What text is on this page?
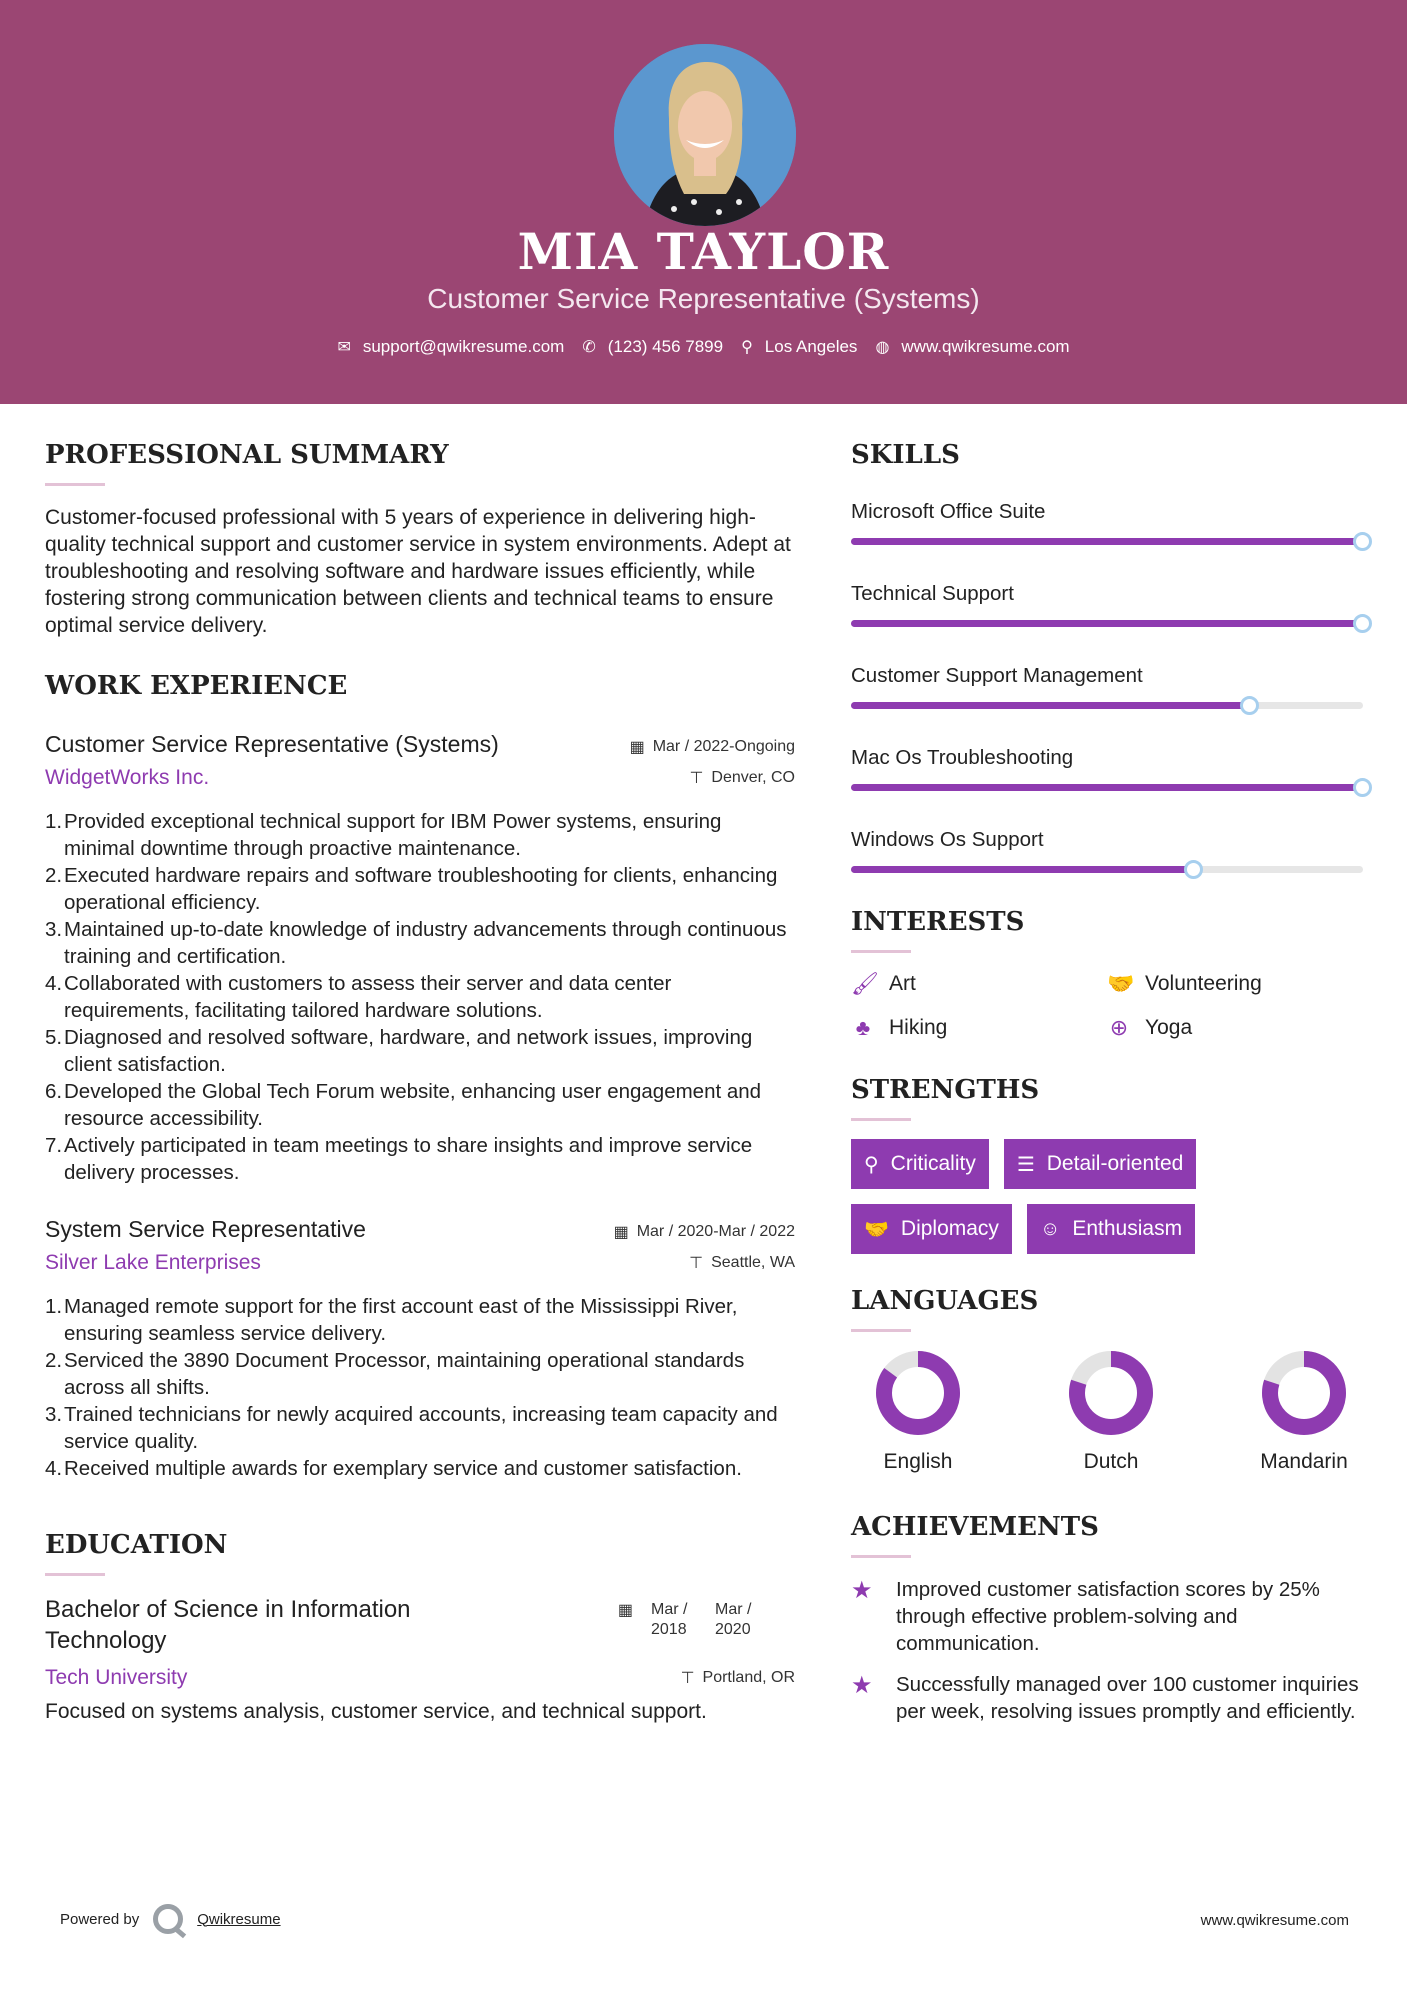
MIA TAYLOR
Customer Service Representative (Systems)
✉ support@qwikresume.com ✆ (123) 456 7899 ⚲ Los Angeles ◍ www.qwikresume.com
PROFESSIONAL SUMMARY

Customer-focused professional with 5 years of experience in delivering high-quality technical support and customer service in system environments. Adept at troubleshooting and resolving software and hardware issues efficiently, while fostering strong communication between clients and technical teams to ensure optimal service delivery.

WORK EXPERIENCE
Customer Service Representative (Systems)	▦ Mar / 2022-Ongoing
WidgetWorks Inc.	⊤ Denver, CO
1. Provided exceptional technical support for IBM Power systems, ensuring minimal downtime through proactive maintenance.
2. Executed hardware repairs and software troubleshooting for clients, enhancing operational efficiency.
3. Maintained up-to-date knowledge of industry advancements through continuous training and certification.
4. Collaborated with customers to assess their server and data center requirements, facilitating tailored hardware solutions.
5. Diagnosed and resolved software, hardware, and network issues, improving client satisfaction.
6. Developed the Global Tech Forum website, enhancing user engagement and resource accessibility.
7. Actively participated in team meetings to share insights and improve service delivery processes.
System Service Representative	▦ Mar / 2020-Mar / 2022
Silver Lake Enterprises	⊤ Seattle, WA
1. Managed remote support for the first account east of the Mississippi River, ensuring seamless service delivery.
2. Serviced the 3890 Document Processor, maintaining operational standards across all shifts.
3. Trained technicians for newly acquired accounts, increasing team capacity and service quality.
4. Received multiple awards for exemplary service and customer satisfaction.
EDUCATION
Bachelor of Science in Information Technology
▦ Mar / 2018
Mar / 2020
Tech University	⊤ Portland, OR

Focused on systems analysis, customer service, and technical support.

SKILLS
Microsoft Office Suite
Technical Support
Customer Support Management
Mac Os Troubleshooting
Windows Os Support
INTERESTS
🖌 Art	🤝 Volunteering
♣ Hiking	⊕ Yoga
STRENGTHS
⚲ Criticality ☰ Detail-oriented
🤝 Diplomacy ☺ Enthusiasm
LANGUAGES
English	Dutch	Mandarin
ACHIEVEMENTS
★	Improved customer satisfaction scores by 25% through effective problem-solving and communication.
★	Successfully managed over 100 customer inquiries per week, resolving issues promptly and efficiently.
Powered by	Qwikresume	www.qwikresume.com
